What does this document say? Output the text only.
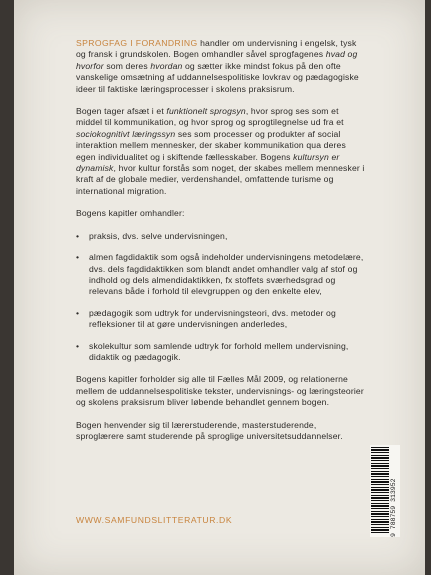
SPROGFAG I FORANDRING handler om undervisning i engelsk, tysk og fransk i grundskolen. Bogen omhandler såvel sprogfagenes hvad og hvorfor som deres hvordan og sætter ikke mindst fokus på den ofte vanskelige omsætning af uddannelsespolitiske lovkrav og pædagogiske ideer til faktiske læringsprocesser i skolens praksisrum.

Bogen tager afsæt i et funktionelt sprogsyn, hvor sprog ses som et middel til kommunikation, og hvor sprog og sprogtilegnelse ud fra et sociokognitivt læringssyn ses som processer og produkter af social interaktion mellem mennesker, der skaber kommunikation qua deres egen individualitet og i skiftende fællesskaber. Bogens kultursyn er dynamisk, hvor kultur forstås som noget, der skabes mellem mennesker i kraft af de globale medier, verdenshandel, omfattende turisme og international migration.

Bogens kapitler omhandler:

• praksis, dvs. selve undervisningen,
• almen fagdidaktik som også indeholder undervisningens metodelære, dvs. dels fagdidaktikken som blandt andet omhandler valg af stof og indhold og dels almendidaktikken, fx stoffets sværhedsgrad og relevans både i forhold til elevgruppen og den enkelte elev,
• pædagogik som udtryk for undervisningsteori, dvs. metoder og refleksioner til at gøre undervisningen anderledes,
• skolekultur som samlende udtryk for forhold mellem undervisning, didaktik og pædagogik.

Bogens kapitler forholder sig alle til Fælles Mål 2009, og relationerne mellem de uddannelsespolitiske tekster, undervisnings- og læringsteorier og skolens praksisrum bliver løbende behandlet gennem bogen.

Bogen henvender sig til lærerstuderende, masterstuderende, sproglærere samt studerende på sproglige universitetsuddannelser.

WWW.SAMFUNDSLITTERATUR.DK	9 788759 313952
